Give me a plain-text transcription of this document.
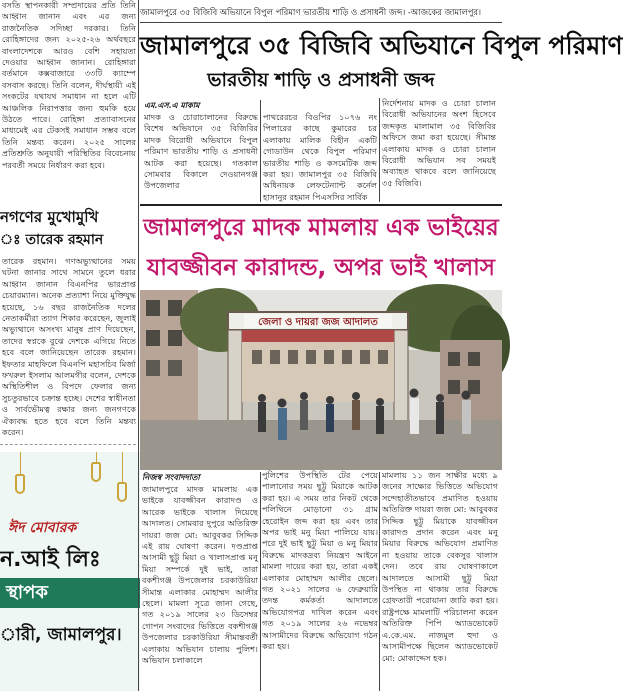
বসতি স্থাপনকারী সম্প্রদায়ের প্রতি তিনি আহ্বান জানান এবং এর জন্য রাজনৈতিক সদিচ্ছা দরকার। তিনি রোহিঙ্গাদের জন্য ২০২৫-২৬ অর্থবছরে বাংলাদেশকে আরও বেশি সহায়তা দেওয়ার আহ্বান জানান। রোহিঙ্গারা বর্তমানে কক্সবাজারে ৩৩টি ক্যাম্পে বসবাস করছে। তিনি বলেন, দীর্ঘস্থায়ী এই সংকটের যথাযথ সমাধান না হলে এটি আঞ্চলিক নিরাপত্তার জন্য হুমকি হয়ে উঠতে পারে। রোহিঙ্গা প্রত্যাবাসনের মাধ্যমেই এর টেকসই সমাধান সম্ভব বলে তিনি মন্তব্য করেন। ২০২৫ সালের প্রতিশ্রুতি অনুযায়ী পরিস্থিতির বিবেচনায় পরবর্তী সময়ে নির্ধারণ করা হবে।
নগণের মুখোমুখি
ঃ তারেক রহমান
তারেক রহমান। গণঅভ্যুত্থানের সময় ঘটনা জানার সাথে সামনে তুলে ধরার আহ্বান জানান বিএনপির ভারপ্রাপ্ত চেয়ারম্যান। অনেক প্রত্যাশা নিয়ে মুক্তিযুদ্ধ হয়েছে, ১৬ বছর রাজনৈতিক দলের নেতাকর্মীরা ত্যাগ শিকার করেছেন, জুলাই অভ্যুত্থানে অসংখ্য মানুষ প্রাণ দিয়েছেন, তাদের স্বপ্নকে বুঝে দেশকে এগিয়ে নিতে হবে বলে জানিয়েছেন তারেক রহমান। ইফতার মাহফিলে বিএনপি মহাসচিব মির্জা ফখরুল ইসলাম আলমগীর বলেন, দেশকে অস্থিতিশীল ও বিপদে ফেলার জন্য সুচতুরভাবে চক্রান্ত হচ্ছে। দেশের স্বাধীনতা ও সার্বভৌমত্ব রক্ষার জন্য জনগণকে ঐক্যবদ্ধ হতে হবে বলে তিনি মন্তব্য করেন।
ঈদ মোবারক
ন.আই লিঃ
স্থাপক
ারী, জামালপুর।
জামালপুরে ৩৫ বিজিবি অভিযানে বিপুল পরিমাণ ভারতীয় শাড়ি ও প্রসাধনী জব্দ। -আজকের জামালপুর।
জামালপুরে ৩৫ বিজিবি অভিযানে বিপুল পরিমাণ
ভারতীয় শাড়ি ও প্রসাধনী জব্দ
এম.এস.এ মাকাম
মাদক ও চোরাচালানের বিরুদ্ধে বিশেষ অভিযানে ৩৫ বিজিবির মাদক বিরোধী অভিযানে বিপুল পরিমাণ ভারতীয় শাড়ি ও প্রসাধনী আটক করা হয়েছে। গতকাল সোমবার বিকালে দেওয়ানগঞ্জ উপজেলার
পাথরেরচর বিওপির ১০৭৬ নং পিলারের কাছে কুমারের চর এলাকায় মালিক বিহীন একটি গোডাউন থেকে বিপুল পরিমাণ ভারতীয় শাড়ি ও কসমেটিক জব্দ করা হয়। জামালপুর ৩৫ বিজিবি অধিনায়ক লেফটেন্যান্ট কর্নেল হাসানুর রহমান পিএসসির সার্বিক
নির্দেশনায় মাদক ও চোরা চালান বিরোধী অভিযানের অংশ হিসেবে জব্দকৃত মালামাল ৩৫ বিজিবির অফিসে জমা করা হয়েছে। সীমান্ত এলাকায় মাদক ও চোরা চালান বিরোধী অভিযান সব সময়ই অব্যাহত থাকবে বলে জানিয়েছে ৩৫ বিজিবি।
জামালপুরে মাদক মামলায় এক ভাইয়ের
যাবজ্জীবন কারাদন্ড, অপর ভাই খালাস
জেলা ও দায়রা জজ আদালত
নিজস্ব সংবাদদাতা
জামালপুরে মাদক মামলায় এক ভাইকে যাবজ্জীবন কারাদণ্ড ও আরেক ভাইকে খালাস দিয়েছে আদালত। সোমবার দুপুরে অতিরিক্ত দায়রা জজ মো: আবুবকর সিদ্দিক এই রায় ঘোষণা করেন। দণ্ডপ্রাপ্ত আসামী ছুট্টু মিয়া ও খালাসপ্রাপ্ত মনু মিয়া সম্পর্কে দুই ভাই, তারা বকশীগঞ্জ উপজেলার চরকাউরিয়া সীমান্ত এলাকার মোহাম্মদ আলীর ছেলে। মামলা সূত্রে জানা গেছে, গত ২০১৯ সালের ২৩ ডিসেম্বর গোপন সংবাদের ভিত্তিতে বকশীগঞ্জ উপজেলার চরকাউরিয়া সীমান্তবর্তী এলাকায় অভিযান চালায় পুলিশ। অভিযান চলাকালে
পুলিশের উপস্থিতি টের পেয়ে পালানোর সময় ছুট্টু মিয়াকে আটক করা হয়। এ সময় তার নিকট থেকে পলিথিনে মোড়ানো ৩১ গ্রাম হেরোইন জব্দ করা হয় এবং তার অপর ভাই মনু মিয়া পালিয়ে যায়। পরে দুই ভাই ছুট্টু মিয়া ও মনু মিয়ার বিরুদ্ধে মাদকদ্রব্য নিয়ন্ত্রণ আইনে মামলা দায়ের করা হয়, তারা একই এলাকার মোহাম্মদ আলীর ছেলে। গত ২০২১ সালের ৬ ফেব্রুয়ারি তদন্ত কর্মকর্তা আদালতে অভিযোগপত্র দাখিল করেন এবং গত ২০১৯ সালের ২৬ নভেম্বর আসামীদের বিরুদ্ধে অভিযোগ গঠন করা হয়।
মামলায় ১১ জন সাক্ষীর মধ্যে ৯ জনের সাক্ষ্যের ভিত্তিতে অভিযোগ সন্দেহাতীতভাবে প্রমাণিত হওয়ায় অতিরিক্ত দায়রা জজ মো: আবুবকর সিদ্দিক ছুট্টু মিয়াকে যাবজ্জীবন কারাদণ্ড প্রদান করেন এবং মনু মিয়ার বিরুদ্ধে অভিযোগ প্রমাণিত না হওয়ায় তাকে বেকসুর খালাস দেন। তবে রায় ঘোষণাকালে আদালতে আসামী ছুট্টু মিয়া উপস্থিত না থাকায় তার বিরুদ্ধে গ্রেফতারী পরোয়ানা জারি করা হয়। রাষ্ট্রপক্ষে মামলাটি পরিচালনা করেন অতিরিক্ত পিপি অ্যাডভোকেট এ.কে.এম. নাজমুল হুদা ও আসামীপক্ষে ছিলেন অ্যাডভোকেট মো: মোকাদ্দেস হক।
